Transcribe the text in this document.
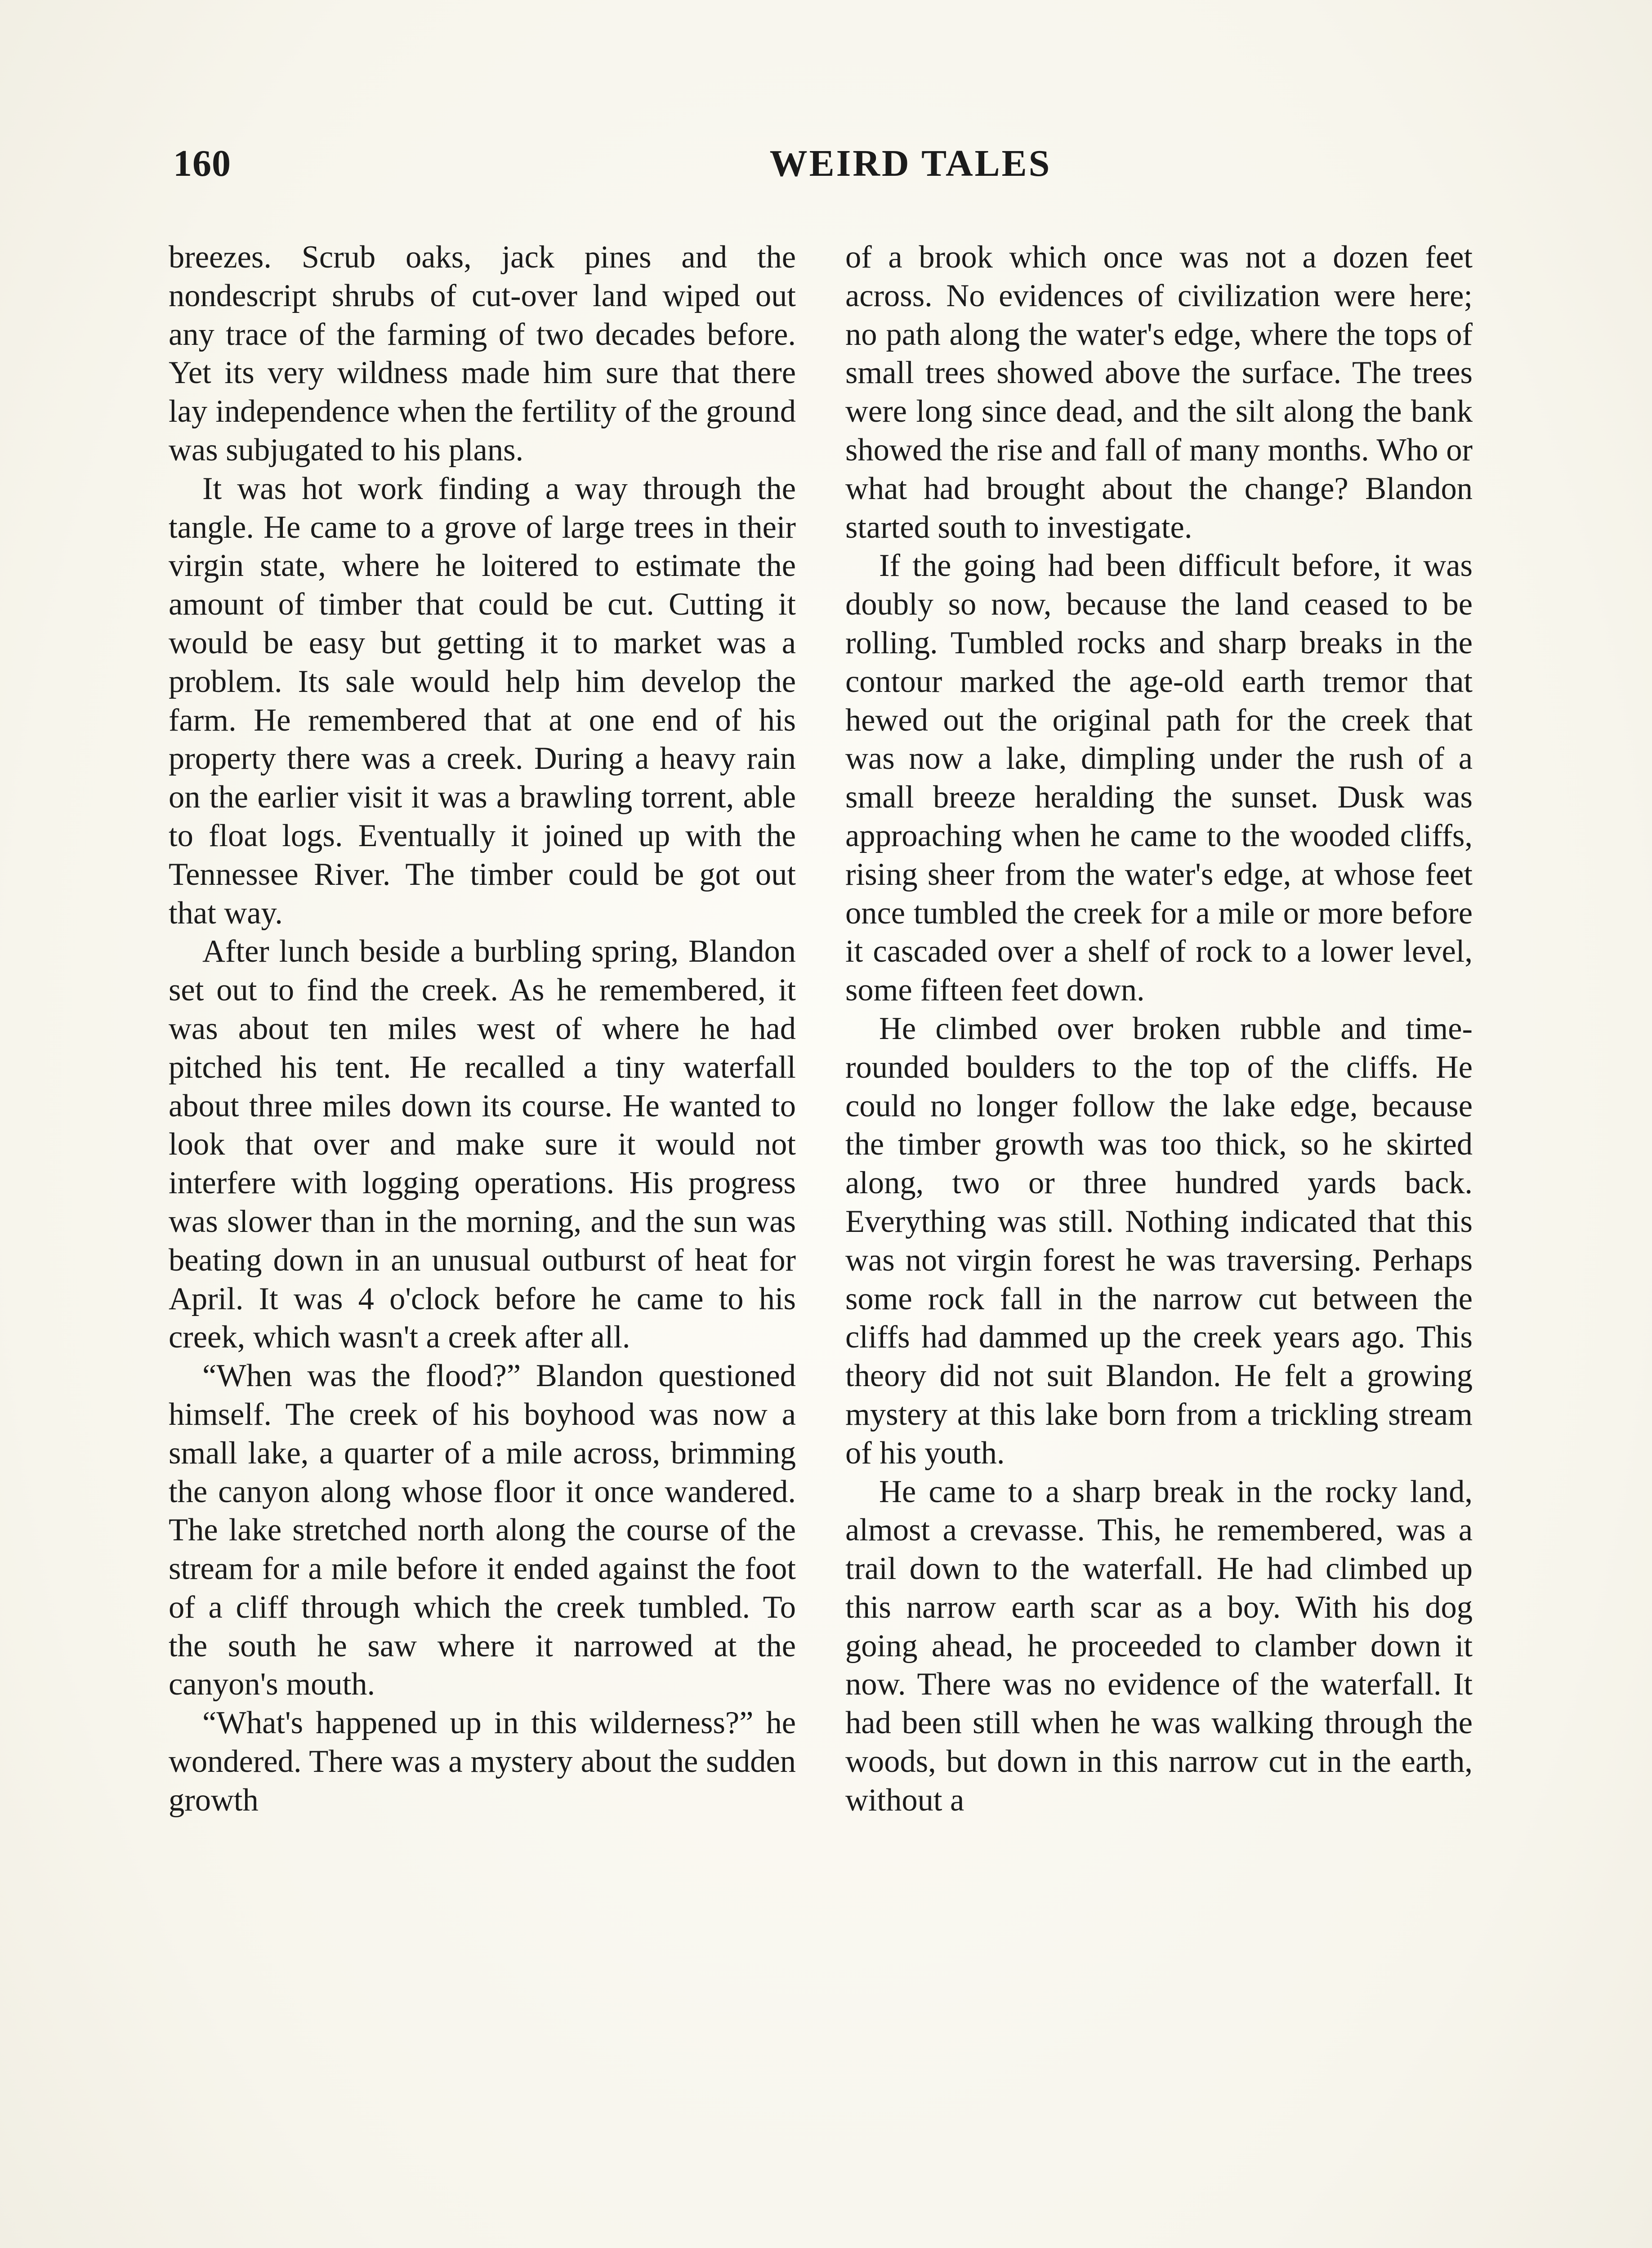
160	WEIRD TALES

breezes. Scrub oaks, jack pines and the nondescript shrubs of cut-over land wiped out any trace of the farming of two decades before. Yet its very wildness made him sure that there lay independence when the fertility of the ground was subjugated to his plans.

It was hot work finding a way through the tangle. He came to a grove of large trees in their virgin state, where he loitered to estimate the amount of timber that could be cut. Cutting it would be easy but getting it to market was a problem. Its sale would help him develop the farm. He remembered that at one end of his property there was a creek. During a heavy rain on the earlier visit it was a brawling torrent, able to float logs. Eventually it joined up with the Tennessee River. The timber could be got out that way.

After lunch beside a burbling spring, Blandon set out to find the creek. As he remembered, it was about ten miles west of where he had pitched his tent. He recalled a tiny waterfall about three miles down its course. He wanted to look that over and make sure it would not interfere with logging operations. His progress was slower than in the morning, and the sun was beating down in an unusual outburst of heat for April. It was 4 o'clock before he came to his creek, which wasn't a creek after all.

“When was the flood?” Blandon questioned himself. The creek of his boyhood was now a small lake, a quarter of a mile across, brimming the canyon along whose floor it once wandered. The lake stretched north along the course of the stream for a mile before it ended against the foot of a cliff through which the creek tumbled. To the south he saw where it narrowed at the canyon's mouth.

“What's happened up in this wilderness?” he wondered. There was a mystery about the sudden growth

of a brook which once was not a dozen feet across. No evidences of civilization were here; no path along the water's edge, where the tops of small trees showed above the surface. The trees were long since dead, and the silt along the bank showed the rise and fall of many months. Who or what had brought about the change? Blandon started south to investigate.

If the going had been difficult before, it was doubly so now, because the land ceased to be rolling. Tumbled rocks and sharp breaks in the contour marked the age-old earth tremor that hewed out the original path for the creek that was now a lake, dimpling under the rush of a small breeze heralding the sunset. Dusk was approaching when he came to the wooded cliffs, rising sheer from the water's edge, at whose feet once tumbled the creek for a mile or more before it cascaded over a shelf of rock to a lower level, some fifteen feet down.

He climbed over broken rubble and time-rounded boulders to the top of the cliffs. He could no longer follow the lake edge, because the timber growth was too thick, so he skirted along, two or three hundred yards back. Everything was still. Nothing indicated that this was not virgin forest he was traversing. Perhaps some rock fall in the narrow cut between the cliffs had dammed up the creek years ago. This theory did not suit Blandon. He felt a growing mystery at this lake born from a trickling stream of his youth.

He came to a sharp break in the rocky land, almost a crevasse. This, he remembered, was a trail down to the waterfall. He had climbed up this narrow earth scar as a boy. With his dog going ahead, he proceeded to clamber down it now. There was no evidence of the waterfall. It had been still when he was walking through the woods, but down in this narrow cut in the earth, without a
